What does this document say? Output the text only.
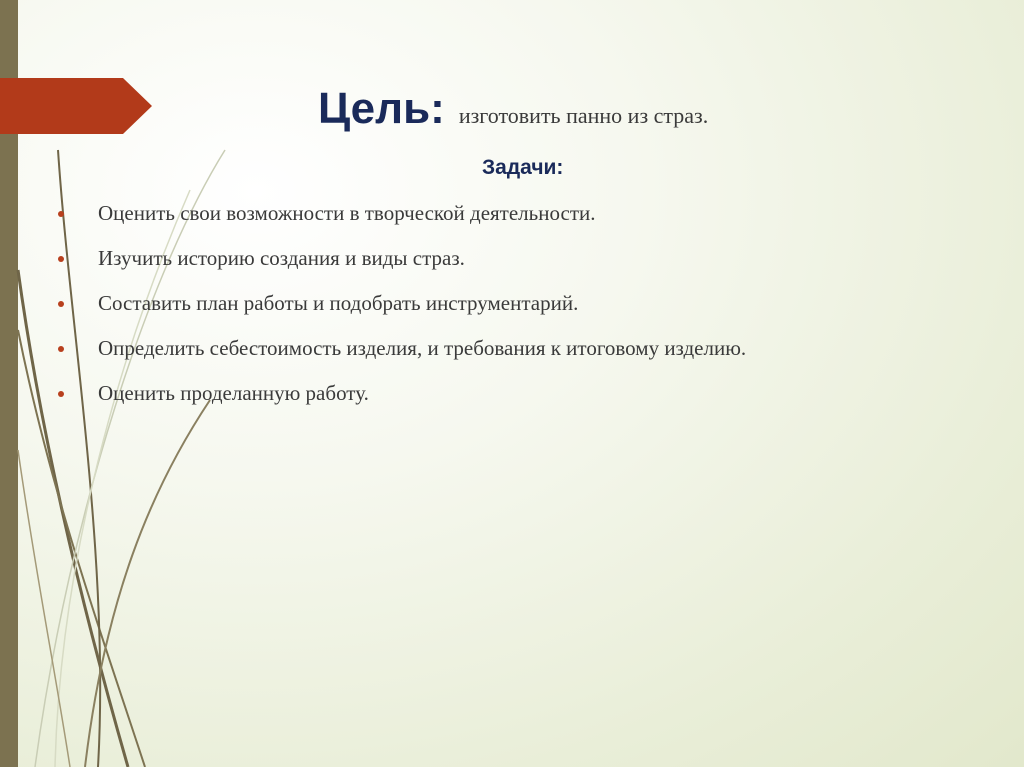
Цель: изготовить панно из страз.
Задачи:
Оценить свои возможности в творческой деятельности.
Изучить историю создания и виды страз.
Составить план работы и подобрать инструментарий.
Определить себестоимость изделия, и требования к итоговому изделию.
Оценить проделанную работу.
